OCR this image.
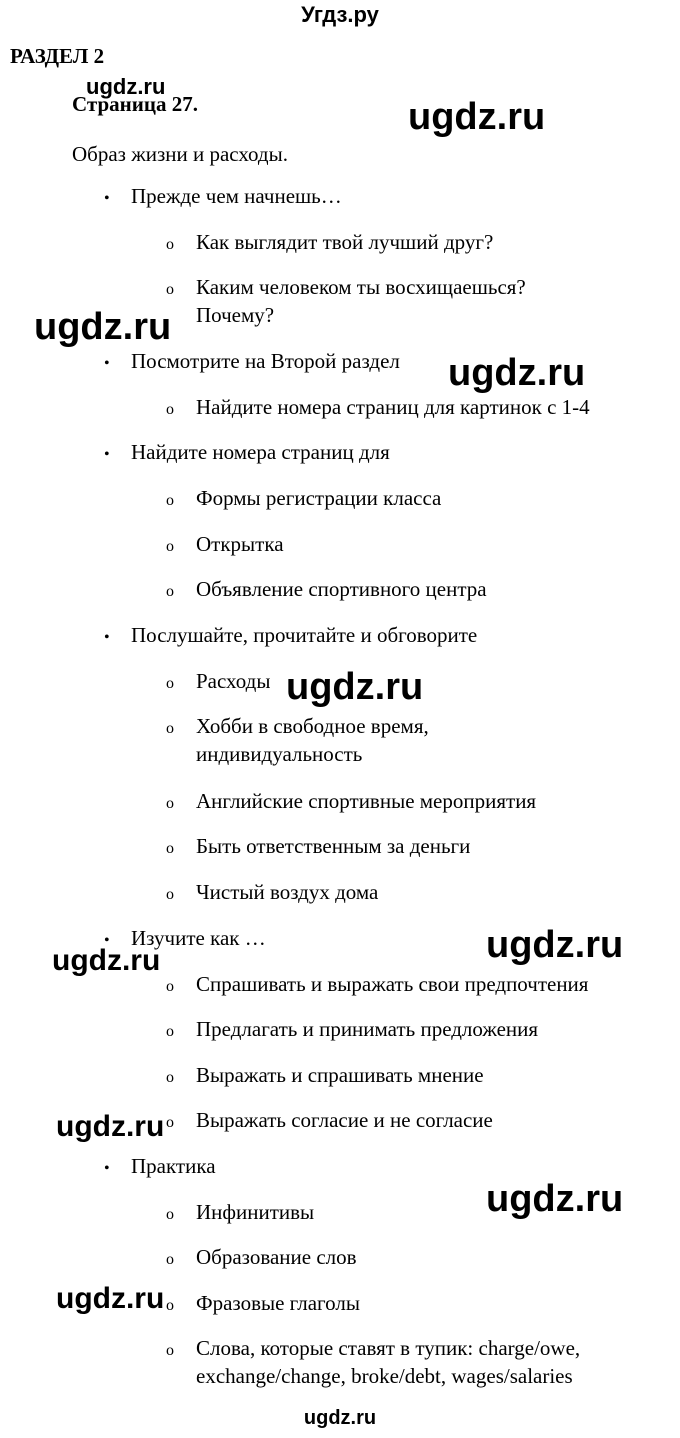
Угдз.ру
РАЗДЕЛ 2
Страница 27.
Образ жизни и расходы.
• Прежде чем начнешь…
o Как выглядит твой лучший друг?
o Каким человеком ты восхищаешься?
Почему?
• Посмотрите на Второй раздел
o Найдите номера страниц для картинок с 1-4
• Найдите номера страниц для
o Формы регистрации класса
o Открытка
o Объявление спортивного центра
• Послушайте, прочитайте и обговорите
o Расходы
o Хобби в свободное время,
индивидуальность
o Английские спортивные мероприятия
o Быть ответственным за деньги
o Чистый воздух дома
• Изучите как …
o Спрашивать и выражать свои предпочтения
o Предлагать и принимать предложения
o Выражать и спрашивать мнение
o Выражать согласие и не согласие
• Практика
o Инфинитивы
o Образование слов
o Фразовые глаголы
o Слова, которые ставят в тупик: charge/owe,
exchange/change, broke/debt, wages/salaries
ugdz.ru
ugdz.ru
ugdz.ru
ugdz.ru
ugdz.ru
ugdz.ru
ugdz.ru
ugdz.ru
ugdz.ru
ugdz.ru
ugdz.ru
